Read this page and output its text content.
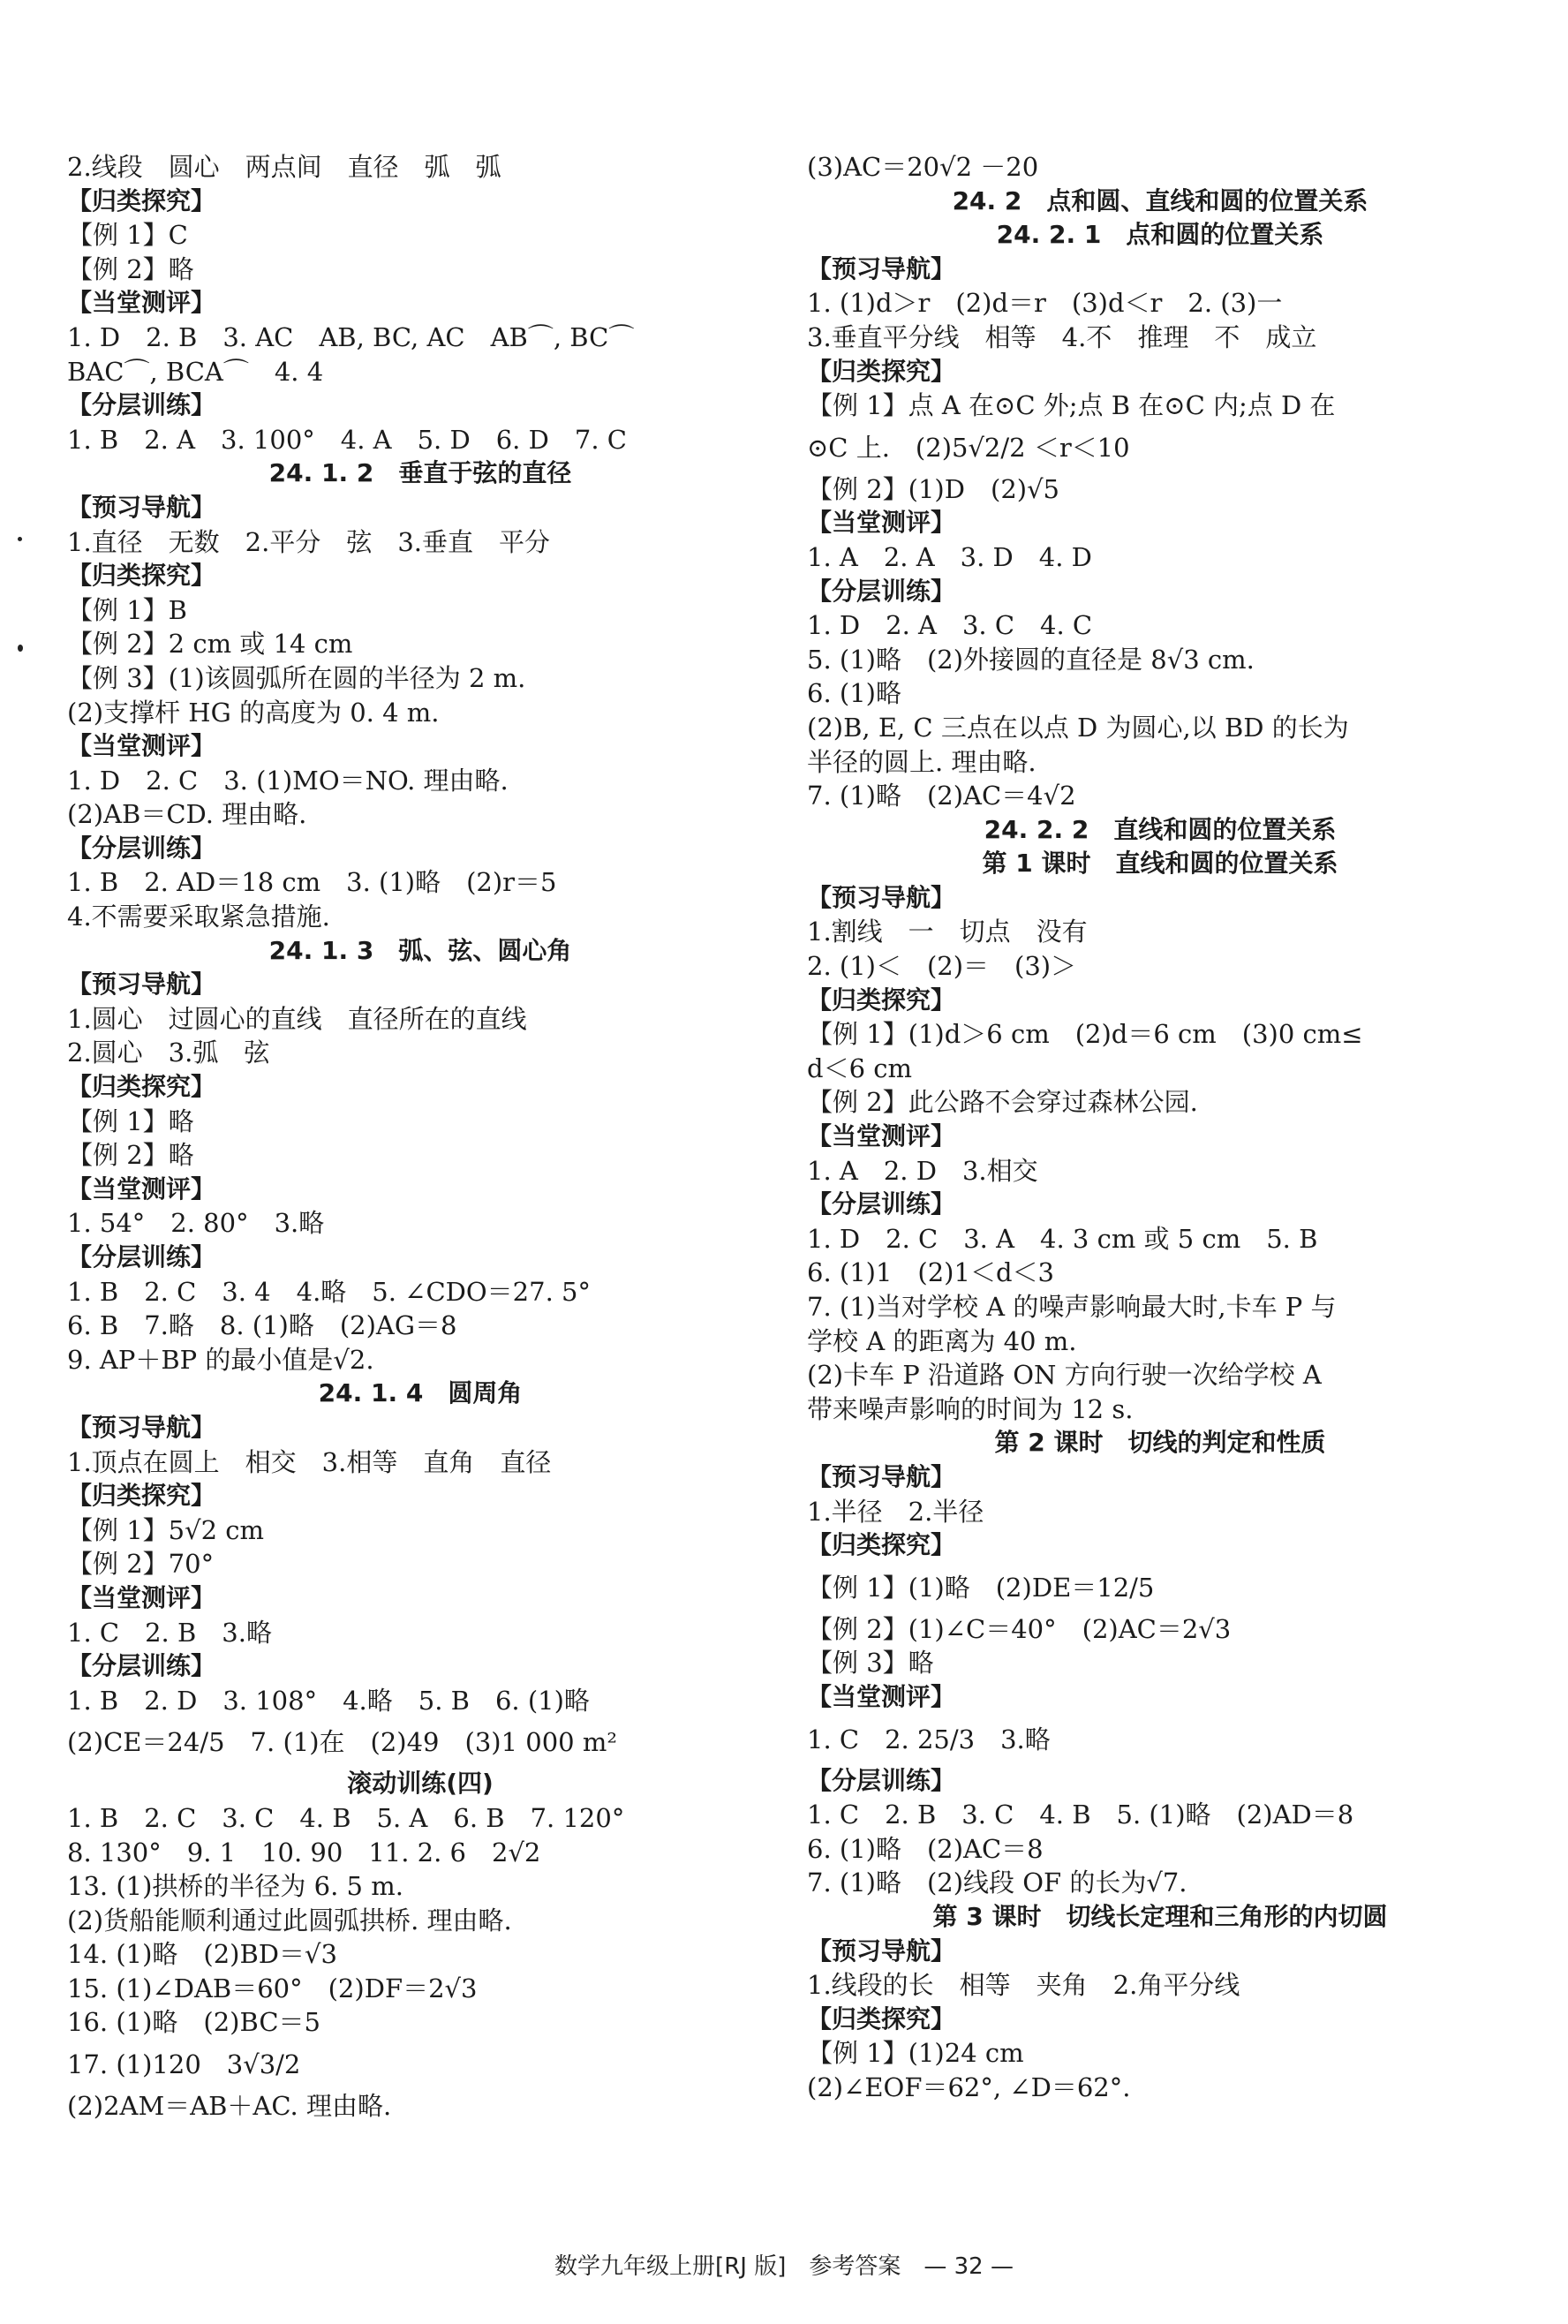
2.线段　圆心　两点间　直径　弧　弧
【归类探究】
【例 1】C
【例 2】略
【当堂测评】
1. D　2. B　3. AC　AB, BC, AC　AB⌒, BC⌒
BAC⌒, BCA⌒　4. 4
【分层训练】
1. B　2. A　3. 100°　4. A　5. D　6. D　7. C
24. 1. 2　垂直于弦的直径
【预习导航】
1.直径　无数　2.平分　弦　3.垂直　平分
【归类探究】
【例 1】B
【例 2】2 cm 或 14 cm
【例 3】(1)该圆弧所在圆的半径为 2 m.
(2)支撑杆 HG 的高度为 0. 4 m.
【当堂测评】
1. D　2. C　3. (1)MO＝NO. 理由略.
(2)AB＝CD. 理由略.
【分层训练】
1. B　2. AD＝18 cm　3. (1)略　(2)r＝5
4.不需要采取紧急措施.
24. 1. 3　弧、弦、圆心角
【预习导航】
1.圆心　过圆心的直线　直径所在的直线
2.圆心　3.弧　弦
【归类探究】
【例 1】略
【例 2】略
【当堂测评】
1. 54°　2. 80°　3.略
【分层训练】
1. B　2. C　3. 4　4.略　5. ∠CDO＝27. 5°
6. B　7.略　8. (1)略　(2)AG＝8
9. AP＋BP 的最小值是√2.
24. 1. 4　圆周角
【预习导航】
1.顶点在圆上　相交　3.相等　直角　直径
【归类探究】
【例 1】5√2 cm
【例 2】70°
【当堂测评】
1. C　2. B　3.略
【分层训练】
1. B　2. D　3. 108°　4.略　5. B　6. (1)略
(2)CE＝24/5　7. (1)在　(2)49　(3)1 000 m²
滚动训练(四)
1. B　2. C　3. C　4. B　5. A　6. B　7. 120°
8. 130°　9. 1　10. 90　11. 2. 6　2√2
13. (1)拱桥的半径为 6. 5 m.
(2)货船能顺利通过此圆弧拱桥. 理由略.
14. (1)略　(2)BD＝√3
15. (1)∠DAB＝60°　(2)DF＝2√3
16. (1)略　(2)BC＝5
17. (1)120　3√3/2
(2)2AM＝AB＋AC. 理由略.
(3)AC＝20√2 －20
24. 2　点和圆、直线和圆的位置关系
24. 2. 1　点和圆的位置关系
【预习导航】
1. (1)d＞r　(2)d＝r　(3)d＜r　2. (3)一
3.垂直平分线　相等　4.不　推理　不　成立
【归类探究】
【例 1】点 A 在⊙C 外;点 B 在⊙C 内;点 D 在
⊙C 上.　(2)5√2/2 ＜r＜10
【例 2】(1)D　(2)√5
【当堂测评】
1. A　2. A　3. D　4. D
【分层训练】
1. D　2. A　3. C　4. C
5. (1)略　(2)外接圆的直径是 8√3 cm.
6. (1)略
(2)B, E, C 三点在以点 D 为圆心,以 BD 的长为
半径的圆上. 理由略.
7. (1)略　(2)AC＝4√2
24. 2. 2　直线和圆的位置关系
第 1 课时　直线和圆的位置关系
【预习导航】
1.割线　一　切点　没有
2. (1)＜　(2)＝　(3)＞
【归类探究】
【例 1】(1)d＞6 cm　(2)d＝6 cm　(3)0 cm≤
d＜6 cm
【例 2】此公路不会穿过森林公园.
【当堂测评】
1. A　2. D　3.相交
【分层训练】
1. D　2. C　3. A　4. 3 cm 或 5 cm　5. B
6. (1)1　(2)1＜d＜3
7. (1)当对学校 A 的噪声影响最大时,卡车 P 与
学校 A 的距离为 40 m.
(2)卡车 P 沿道路 ON 方向行驶一次给学校 A
带来噪声影响的时间为 12 s.
第 2 课时　切线的判定和性质
【预习导航】
1.半径　2.半径
【归类探究】
【例 1】(1)略　(2)DE＝12/5
【例 2】(1)∠C＝40°　(2)AC＝2√3
【例 3】略
【当堂测评】
1. C　2. 25/3　3.略
【分层训练】
1. C　2. B　3. C　4. B　5. (1)略　(2)AD＝8
6. (1)略　(2)AC＝8
7. (1)略　(2)线段 OF 的长为√7.
第 3 课时　切线长定理和三角形的内切圆
【预习导航】
1.线段的长　相等　夹角　2.角平分线
【归类探究】
【例 1】(1)24 cm
(2)∠EOF＝62°, ∠D＝62°.
数学九年级上册[RJ 版]　参考答案　— 32 —
